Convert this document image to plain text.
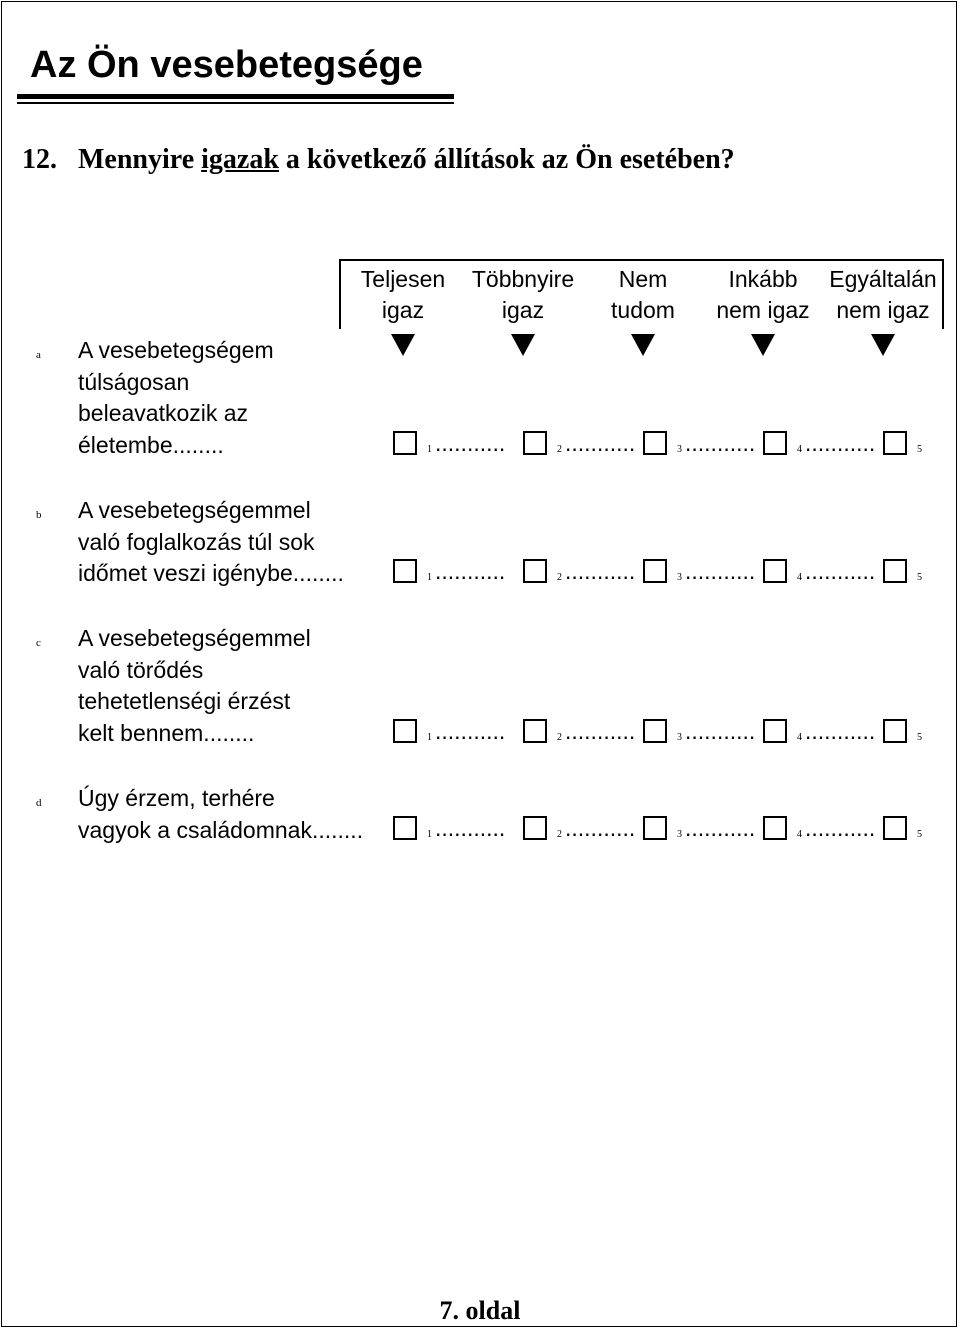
Az Ön vesebetegsége
12. Mennyire igazak a következő állítások az Ön esetében?
Teljesen
igaz
Többnyire
igaz
Nem
tudom
Inkább
nem igaz
Egyáltalán
nem igaz
a A vesebetegségem
túlságosan
beleavatkozik az
életembe........	1 ...........	2 ...........	3 ...........	4 ...........	5
b A vesebetegségemmel
való foglalkozás túl sok
időmet veszi igénybe........	1 ...........	2 ...........	3 ...........	4 ...........	5
c A vesebetegségemmel
való törődés
tehetetlenségi érzést
kelt bennem........	1 ...........	2 ...........	3 ...........	4 ...........	5
d Úgy érzem, terhére
vagyok a családomnak........	1 ...........	2 ...........	3 ...........	4 ...........	5
7. oldal
